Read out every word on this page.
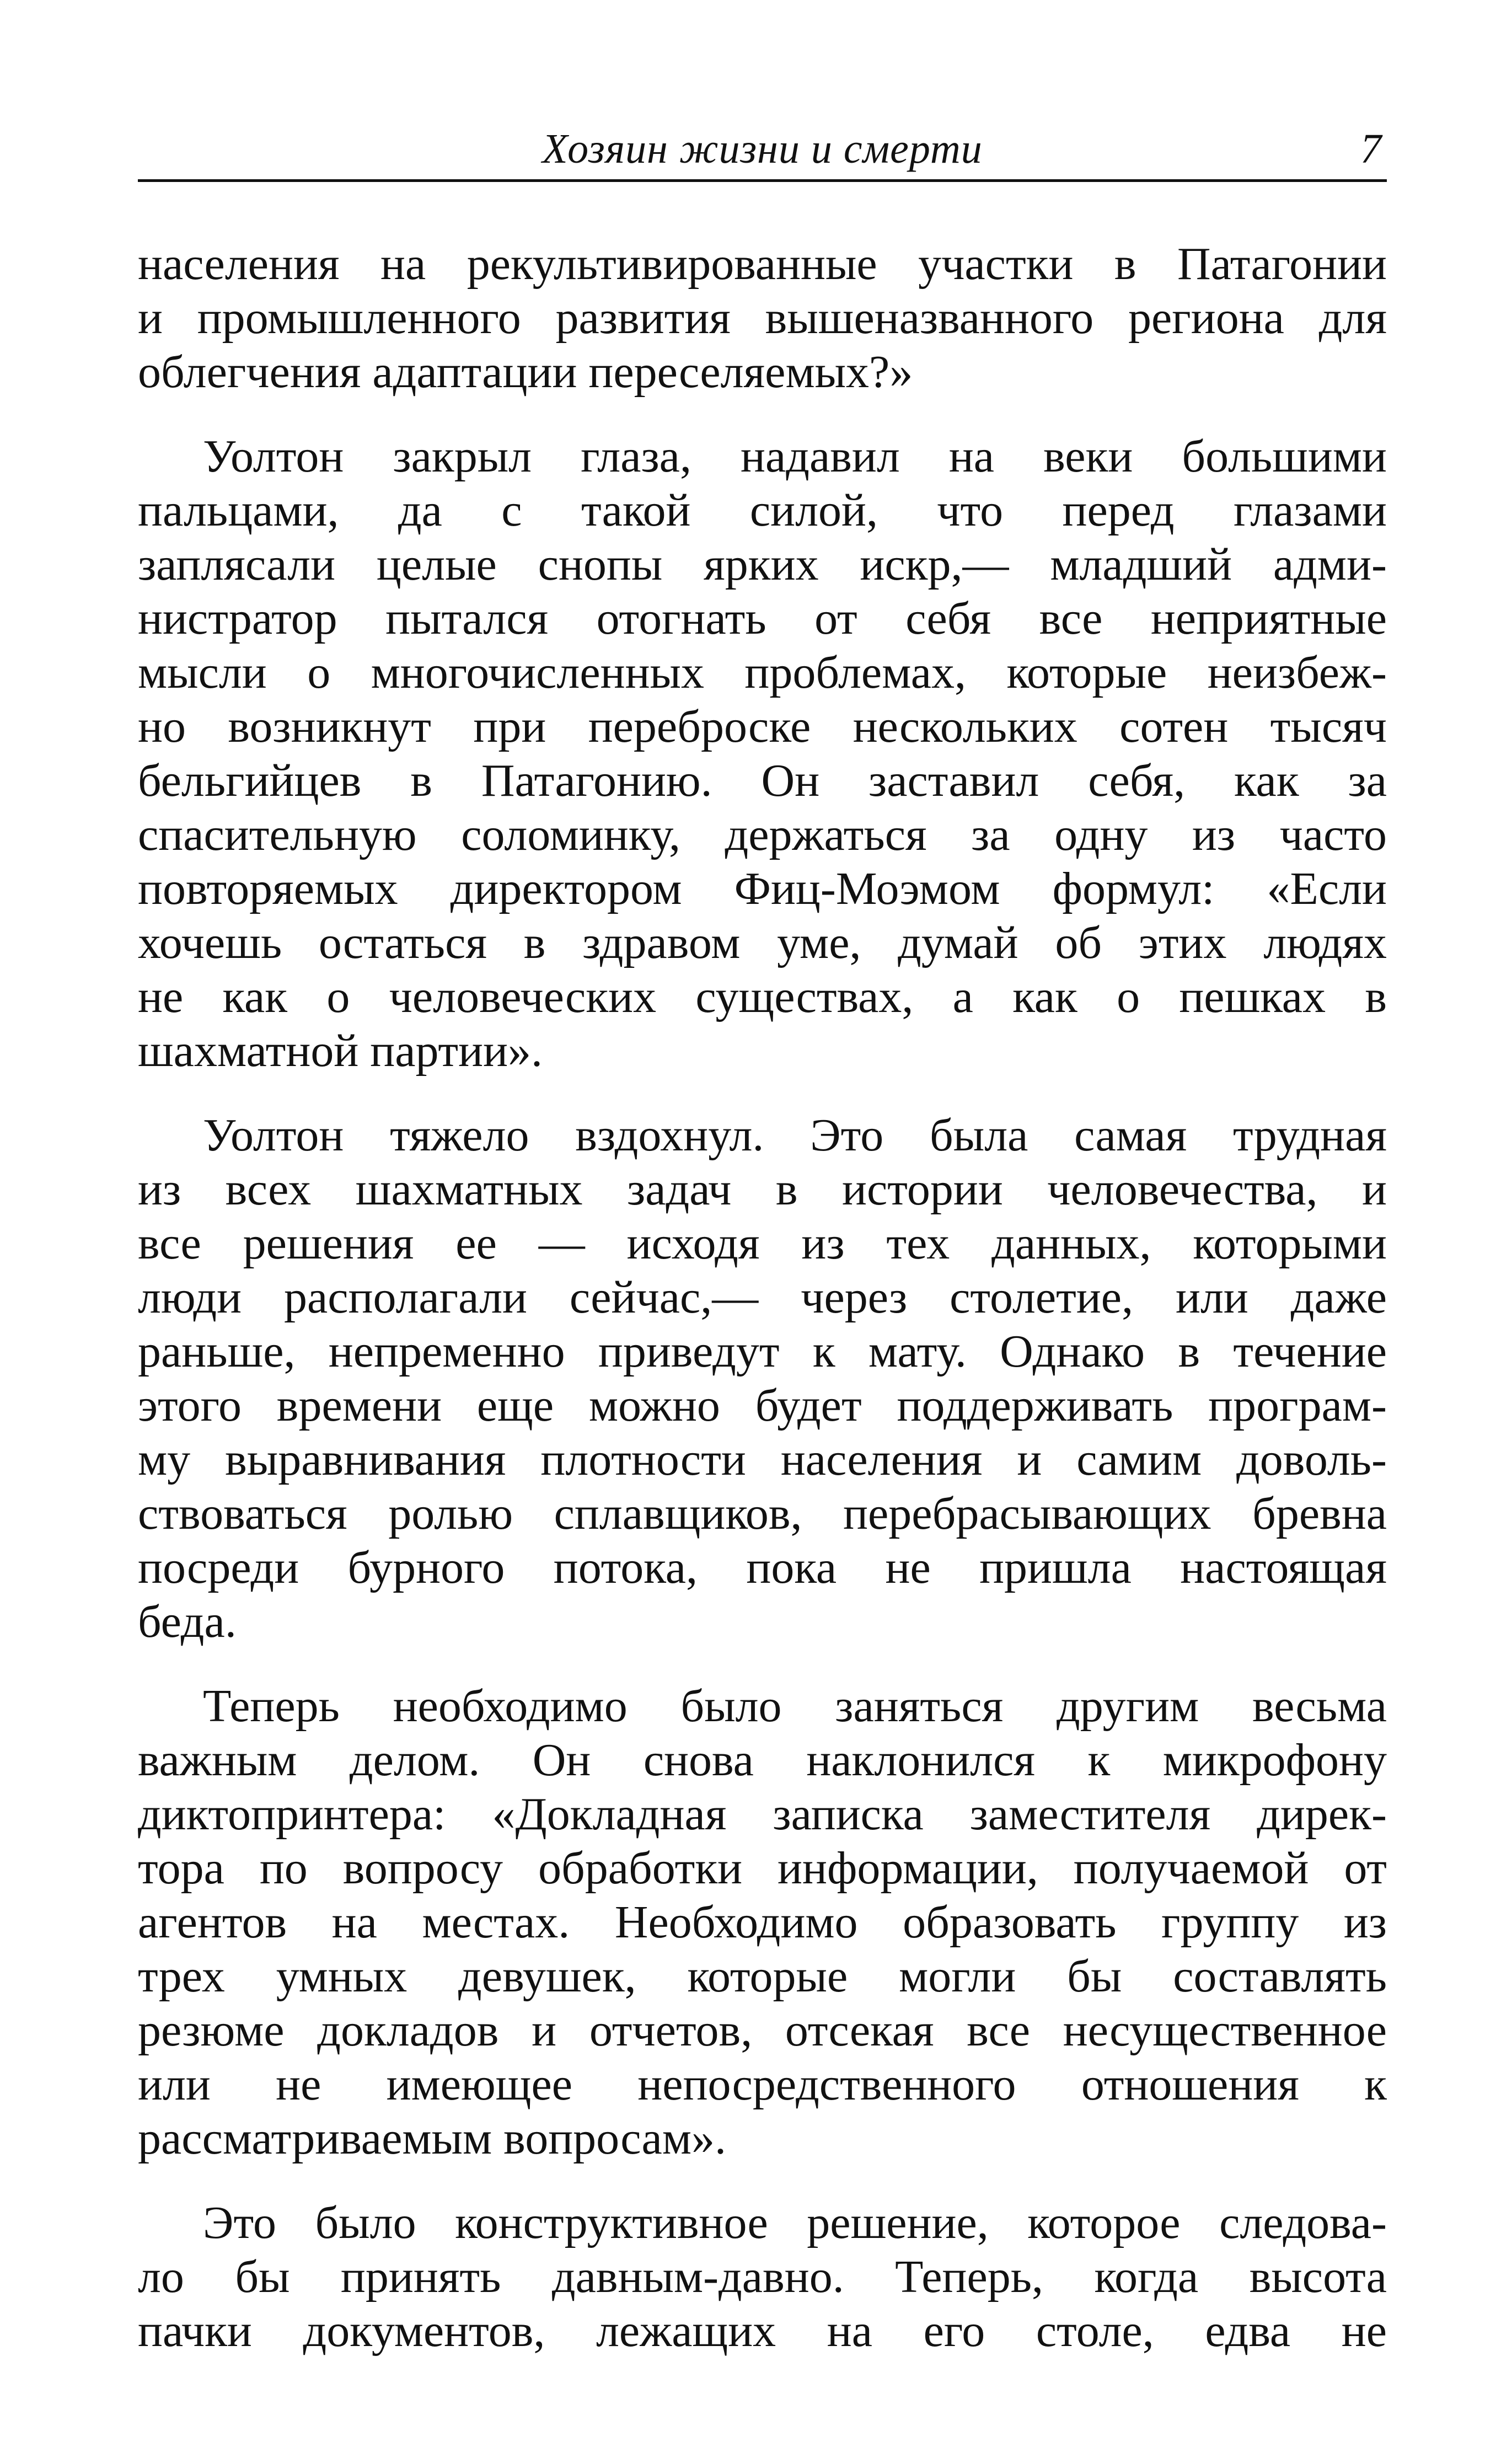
Хозяин жизни и смерти	7
населения на рекультивированные участки в Патагонии
и промышленного развития вышеназванного региона для
облегчения адаптации переселяемых?»
Уолтон закрыл глаза, надавил на веки большими
пальцами, да с такой силой, что перед глазами
заплясали целые снопы ярких искр,— младший адми-
нистратор пытался отогнать от себя все неприятные
мысли о многочисленных проблемах, которые неизбеж-
но возникнут при переброске нескольких сотен тысяч
бельгийцев в Патагонию. Он заставил себя, как за
спасительную соломинку, держаться за одну из часто
повторяемых директором Фиц-Моэмом формул: «Если
хочешь остаться в здравом уме, думай об этих людях
не как о человеческих существах, а как о пешках в
шахматной партии».
Уолтон тяжело вздохнул. Это была самая трудная
из всех шахматных задач в истории человечества, и
все решения ее — исходя из тех данных, которыми
люди располагали сейчас,— через столетие, или даже
раньше, непременно приведут к мату. Однако в течение
этого времени еще можно будет поддерживать програм-
му выравнивания плотности населения и самим доволь-
ствоваться ролью сплавщиков, перебрасывающих бревна
посреди бурного потока, пока не пришла настоящая
беда.
Теперь необходимо было заняться другим весьма
важным делом. Он снова наклонился к микрофону
диктопринтера: «Докладная записка заместителя дирек-
тора по вопросу обработки информации, получаемой от
агентов на местах. Необходимо образовать группу из
трех умных девушек, которые могли бы составлять
резюме докладов и отчетов, отсекая все несущественное
или не имеющее непосредственного отношения к
рассматриваемым вопросам».
Это было конструктивное решение, которое следова-
ло бы принять давным-давно. Теперь, когда высота
пачки документов, лежащих на его столе, едва не
